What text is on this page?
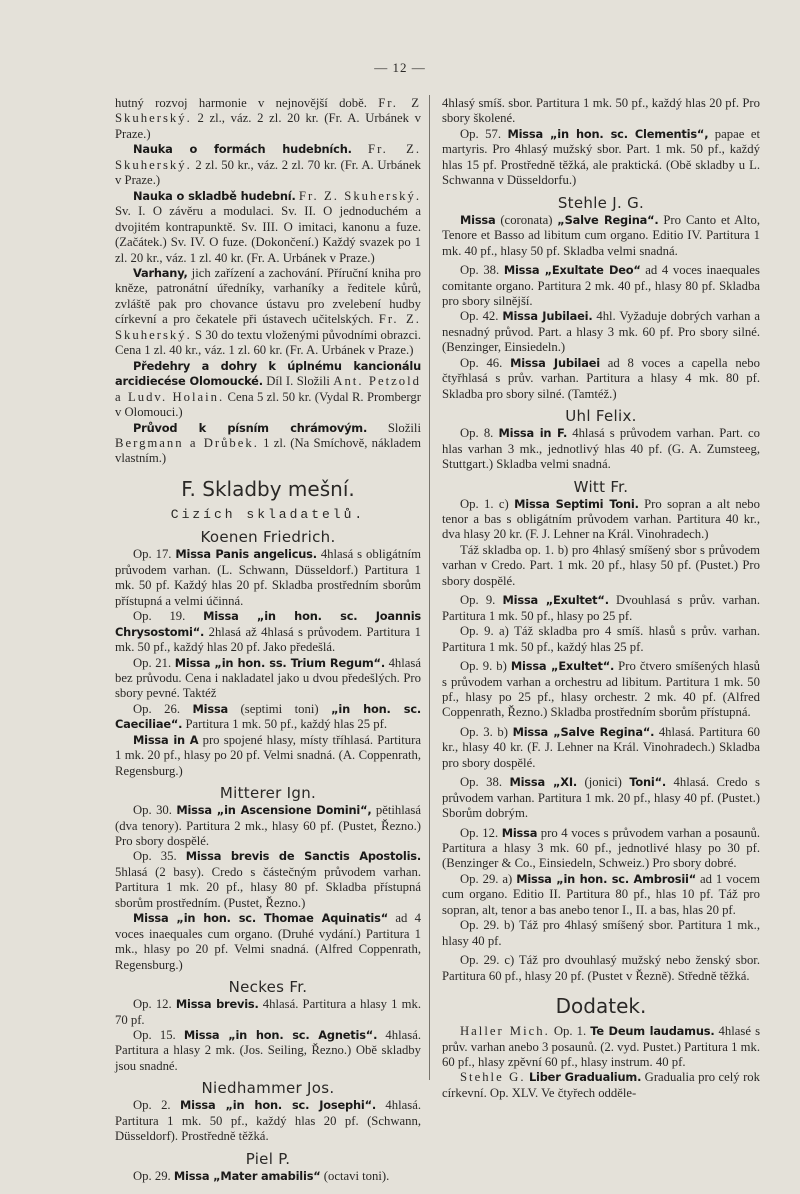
— 12 —

hutný rozvoj harmonie v nejnovější době. Fr. Z Skuherský. 2 zl., váz. 2 zl. 20 kr. (Fr. A. Urbánek v Praze.)

Nauka o formách hudebních. Fr. Z. Skuherský. 2 zl. 50 kr., váz. 2 zl. 70 kr. (Fr. A. Urbánek v Praze.)

Nauka o skladbě hudební. Fr. Z. Skuherský. Sv. I. O závěru a modulaci. Sv. II. O jednoduchém a dvojitém kontrapunktě. Sv. III. O imitaci, kanonu a fuze. (Začátek.) Sv. IV. O fuze. (Dokončení.) Každý svazek po 1 zl. 20 kr., váz. 1 zl. 40 kr. (Fr. A. Urbánek v Praze.)

Varhany, jich zařízení a zachování. Příruční kniha pro kněze, patronátní úředníky, varhaníky a ředitele kůrů, zvláště pak pro chovance ústavu pro zvelebení hudby církevní a pro čekatele při ústavech učitelských. Fr. Z. Skuherský. S 30 do textu vloženými původními obrazci. Cena 1 zl. 40 kr., váz. 1 zl. 60 kr. (Fr. A. Urbánek v Praze.)

Předehry a dohry k úplnému kancionálu arcidiecése Olomoucké. Díl I. Složili Ant. Petzold a Ludv. Holain. Cena 5 zl. 50 kr. (Vydal R. Prombergr v Olomouci.)

Průvod k písním chrámovým. Složili Bergmann a Drůbek. 1 zl. (Na Smíchově, nákladem vlastním.)

F. Skladby mešní.
Cizích skladatelů.
Koenen Friedrich.

Op. 17. Missa Panis angelicus. 4hlasá s obligátním průvodem varhan. (L. Schwann, Düsseldorf.) Partitura 1 mk. 50 pf. Každý hlas 20 pf. Skladba prostředním sborům přístupná a velmi účinná.

Op. 19. Missa „in hon. sc. Joannis Chrysostomi“. 2hlasá až 4hlasá s průvodem. Partitura 1 mk. 50 pf., každý hlas 20 pf. Jako předešlá.

Op. 21. Missa „in hon. ss. Trium Regum“. 4hlasá bez průvodu. Cena i nakladatel jako u dvou předešlých. Pro sbory pevné. Taktéž

Op. 26. Missa (septimi toni) „in hon. sc. Caeciliae“. Partitura 1 mk. 50 pf., každý hlas 25 pf.

Missa in A pro spojené hlasy, místy tříhlasá. Partitura 1 mk. 20 pf., hlasy po 20 pf. Velmi snadná. (A. Coppenrath, Regensburg.)

Mitterer Ign.

Op. 30. Missa „in Ascensione Domini“, pětihlasá (dva tenory). Partitura 2 mk., hlasy 60 pf. (Pustet, Řezno.) Pro sbory dospělé.

Op. 35. Missa brevis de Sanctis Apostolis. 5hlasá (2 basy). Credo s částečným průvodem varhan. Partitura 1 mk. 20 pf., hlasy 80 pf. Skladba přístupná sborům prostředním. (Pustet, Řezno.)

Missa „in hon. sc. Thomae Aquinatis“ ad 4 voces inaequales cum organo. (Druhé vydání.) Partitura 1 mk., hlasy po 20 pf. Velmi snadná. (Alfred Coppenrath, Regensburg.)

Neckes Fr.

Op. 12. Missa brevis. 4hlasá. Partitura a hlasy 1 mk. 70 pf.

Op. 15. Missa „in hon. sc. Agnetis“. 4hlasá. Partitura a hlasy 2 mk. (Jos. Seiling, Řezno.) Obě skladby jsou snadné.

Niedhammer Jos.

Op. 2. Missa „in hon. sc. Josephi“. 4hlasá. Partitura 1 mk. 50 pf., každý hlas 20 pf. (Schwann, Düsseldorf). Prostředně těžká.

Piel P.

Op. 29. Missa „Mater amabilis“ (octavi toni).

4hlasý smíš. sbor. Partitura 1 mk. 50 pf., každý hlas 20 pf. Pro sbory školené.

Op. 57. Missa „in hon. sc. Clementis“, papae et martyris. Pro 4hlasý mužský sbor. Part. 1 mk. 50 pf., každý hlas 15 pf. Prostředně těžká, ale praktická. (Obě skladby u L. Schwanna v Düsseldorfu.)

Stehle J. G.

Missa (coronata) „Salve Regina“. Pro Canto et Alto, Tenore et Basso ad libitum cum organo. Editio IV. Partitura 1 mk. 40 pf., hlasy 50 pf. Skladba velmi snadná.

Op. 38. Missa „Exultate Deo“ ad 4 voces inaequales comitante organo. Partitura 2 mk. 40 pf., hlasy 80 pf. Skladba pro sbory silnější.

Op. 42. Missa Jubilaei. 4hl. Vyžaduje dobrých varhan a nesnadný průvod. Part. a hlasy 3 mk. 60 pf. Pro sbory silné. (Benzinger, Einsiedeln.)

Op. 46. Missa Jubilaei ad 8 voces a capella nebo čtyřhlasá s prův. varhan. Partitura a hlasy 4 mk. 80 pf. Skladba pro sbory silné. (Tamtéž.)

Uhl Felix.

Op. 8. Missa in F. 4hlasá s průvodem varhan. Part. co hlas varhan 3 mk., jednotlivý hlas 40 pf. (G. A. Zumsteeg, Stuttgart.) Skladba velmi snadná.

Witt Fr.

Op. 1. c) Missa Septimi Toni. Pro sopran a alt nebo tenor a bas s obligátním průvodem varhan. Partitura 40 kr., dva hlasy 20 kr. (F. J. Lehner na Král. Vinohradech.)

Táž skladba op. 1. b) pro 4hlasý smíšený sbor s průvodem varhan v Credo. Part. 1 mk. 20 pf., hlasy 50 pf. (Pustet.) Pro sbory dospělé.

Op. 9. Missa „Exultet“. Dvouhlasá s prův. varhan. Partitura 1 mk. 50 pf., hlasy po 25 pf.

Op. 9. a) Táž skladba pro 4 smíš. hlasů s prův. varhan. Partitura 1 mk. 50 pf., každý hlas 25 pf.

Op. 9. b) Missa „Exultet“. Pro čtvero smíšených hlasů s průvodem varhan a orchestru ad libitum. Partitura 1 mk. 50 pf., hlasy po 25 pf., hlasy orchestr. 2 mk. 40 pf. (Alfred Coppenrath, Řezno.) Skladba prostředním sborům přístupná.

Op. 3. b) Missa „Salve Regina“. 4hlasá. Partitura 60 kr., hlasy 40 kr. (F. J. Lehner na Král. Vinohradech.) Skladba pro sbory dospělé.

Op. 38. Missa „XI. (jonici) Toni“. 4hlasá. Credo s průvodem varhan. Partitura 1 mk. 20 pf., hlasy 40 pf. (Pustet.) Sborům dobrým.

Op. 12. Missa pro 4 voces s průvodem varhan a posaunů. Partitura a hlasy 3 mk. 60 pf., jednotlivé hlasy po 30 pf. (Benzinger & Co., Einsiedeln, Schweiz.) Pro sbory dobré.

Op. 29. a) Missa „in hon. sc. Ambrosii“ ad 1 vocem cum organo. Editio II. Partitura 80 pf., hlas 10 pf. Táž pro sopran, alt, tenor a bas anebo tenor I., II. a bas, hlas 20 pf.

Op. 29. b) Táž pro 4hlasý smíšený sbor. Partitura 1 mk., hlasy 40 pf.

Op. 29. c) Táž pro dvouhlasý mužský nebo ženský sbor. Partitura 60 pf., hlasy 20 pf. (Pustet v Řezně). Středně těžká.

Dodatek.

Haller Mich. Op. 1. Te Deum laudamus. 4hlasé s prův. varhan anebo 3 posaunů. (2. vyd. Pustet.) Partitura 1 mk. 60 pf., hlasy zpěvní 60 pf., hlasy instrum. 40 pf.

Stehle G. Liber Gradualium. Gradualia pro celý rok církevní. Op. XLV. Ve čtyřech odděle-
